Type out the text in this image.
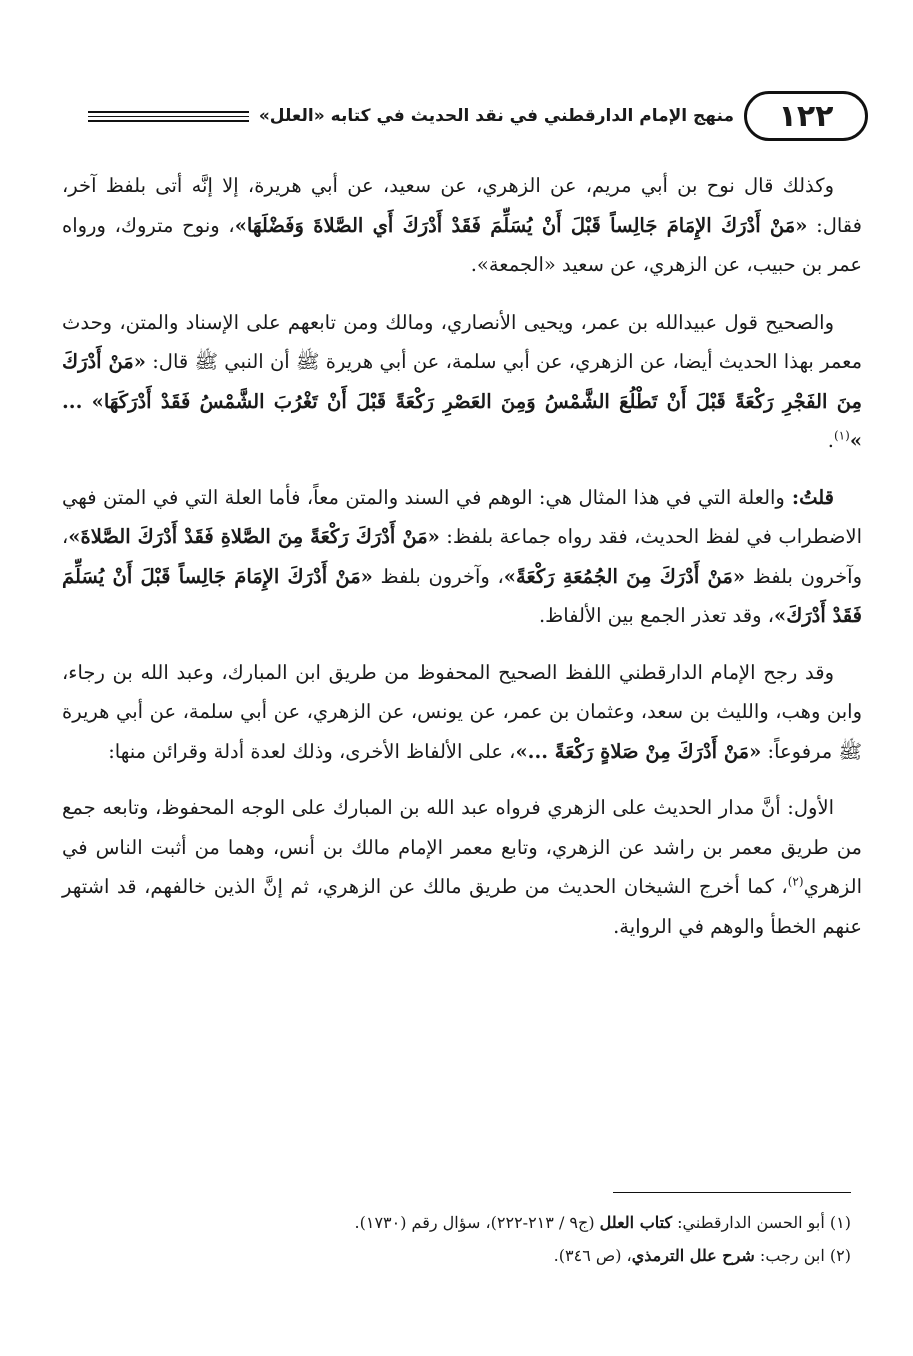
١٢٢
منهج الإمام الدارقطني في نقد الحديث في كتابه «العلل»

وكذلك قال نوح بن أبي مريم، عن الزهري، عن سعيد، عن أبي هريرة، إلا إنَّه أتى بلفظ آخر، فقال: «مَنْ أَدْرَكَ الإِمَامَ جَالِساً قَبْلَ أَنْ يُسَلِّمَ فَقَدْ أَدْرَكَ أَي الصَّلاةَ وَفَضْلَهَا»، ونوح متروك، ورواه عمر بن حبيب، عن الزهري، عن سعيد «الجمعة».

والصحيح قول عبيدالله بن عمر، ويحيى الأنصاري، ومالك ومن تابعهم على الإسناد والمتن، وحدث معمر بهذا الحديث أيضا، عن الزهري، عن أبي سلمة، عن أبي هريرة ﷺ أن النبي ﷺ قال: «مَنْ أَدْرَكَ مِنَ الفَجْرِ رَكْعَةً قَبْلَ أَنْ تَطْلُعَ الشَّمْسُ وَمِنَ العَصْرِ رَكْعَةً قَبْلَ أَنْ تَغْرُبَ الشَّمْسُ فَقَدْ أَدْرَكَهَا» ... »$^{(١)}$.

قلتُ: والعلة التي في هذا المثال هي: الوهم في السند والمتن معاً، فأما العلة التي في المتن فهي الاضطراب في لفظ الحديث، فقد رواه جماعة بلفظ: «مَنْ أَدْرَكَ رَكْعَةً مِنَ الصَّلاةِ فَقَدْ أَدْرَكَ الصَّلاةَ»، وآخرون بلفظ «مَنْ أَدْرَكَ مِنَ الجُمُعَةِ رَكْعَةً»، وآخرون بلفظ «مَنْ أَدْرَكَ الإِمَامَ جَالِساً قَبْلَ أَنْ يُسَلِّمَ فَقَدْ أَدْرَكَ»، وقد تعذر الجمع بين الألفاظ.

وقد رجح الإمام الدارقطني اللفظ الصحيح المحفوظ من طريق ابن المبارك، وعبد الله بن رجاء، وابن وهب، والليث بن سعد، وعثمان بن عمر، عن يونس، عن الزهري، عن أبي سلمة، عن أبي هريرة ﷺ مرفوعاً: «مَنْ أَدْرَكَ مِنْ صَلاةٍ رَكْعَةً ...»، على الألفاظ الأخرى، وذلك لعدة أدلة وقرائن منها:

الأول: أنَّ مدار الحديث على الزهري فرواه عبد الله بن المبارك على الوجه المحفوظ، وتابعه جمع من طريق معمر بن راشد عن الزهري، وتابع معمر الإمام مالك بن أنس، وهما من أثبت الناس في الزهري$^{(٢)}$، كما أخرج الشيخان الحديث من طريق مالك عن الزهري، ثم إنَّ الذين خالفهم، قد اشتهر عنهم الخطأ والوهم في الرواية.

(١) أبو الحسن الدارقطني: كتاب العلل (ج٩ / ٢١٣-٢٢٢)، سؤال رقم (١٧٣٠).
(٢) ابن رجب: شرح علل الترمذي، (ص ٣٤٦).
